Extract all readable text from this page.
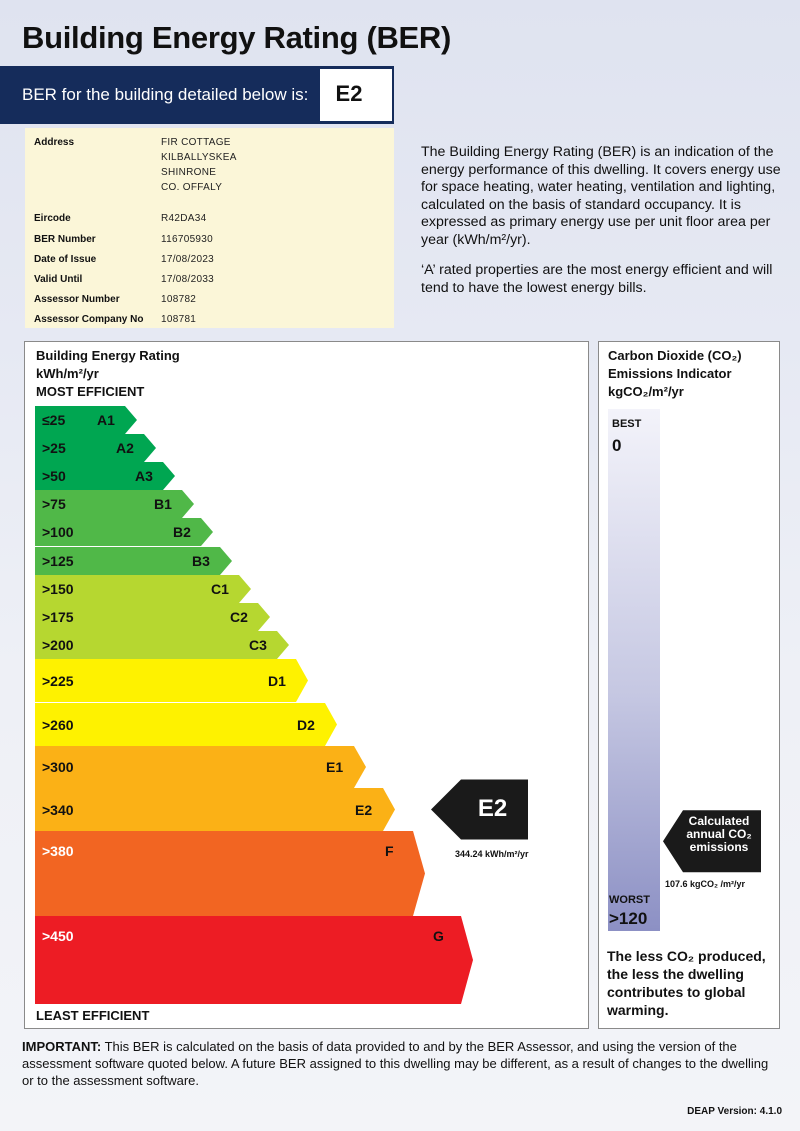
Building Energy Rating (BER)
BER for the building detailed below is:	E2
Address	FIR COTTAGE
KILBALLYSKEA
SHINRONE
CO. OFFALY
Eircode	R42DA34
BER Number	116705930
Date of Issue	17/08/2023
Valid Until	17/08/2033
Assessor Number	108782
Assessor Company No 108781

The Building Energy Rating (BER) is an indication of the energy performance of this dwelling. It covers energy use for space heating, water heating, ventilation and lighting, calculated on the basis of standard occupancy. It is expressed as primary energy use per unit floor area per year (kWh/m²/yr).

‘A’ rated properties are the most energy efficient and will tend to have the lowest energy bills.

Building Energy Rating
kWh/m²/yr
MOST EFFICIENT
≤25 A1
>25	A2
>50	A3
>75	B1
>100	B2
>125	B3
>150	C1
>175	C2
>200	C3
>225	D1
>260	D2
>300	E1
>340	E2
>380	F
>450	G
E2
344.24 kWh/m²/yr
LEAST EFFICIENT
Carbon Dioxide (CO₂)
Emissions Indicator
kgCO₂/m²/yr
BEST
0
WORST
>120
Calculated
annual CO₂
emissions
107.6 kgCO₂ /m²/yr
The less CO₂ produced, the less the dwelling contributes to global warming.

IMPORTANT: This BER is calculated on the basis of data provided to and by the BER Assessor, and using the version of the assessment software quoted below. A future BER assigned to this dwelling may be different, as a result of changes to the dwelling or to the assessment software.

DEAP Version: 4.1.0
